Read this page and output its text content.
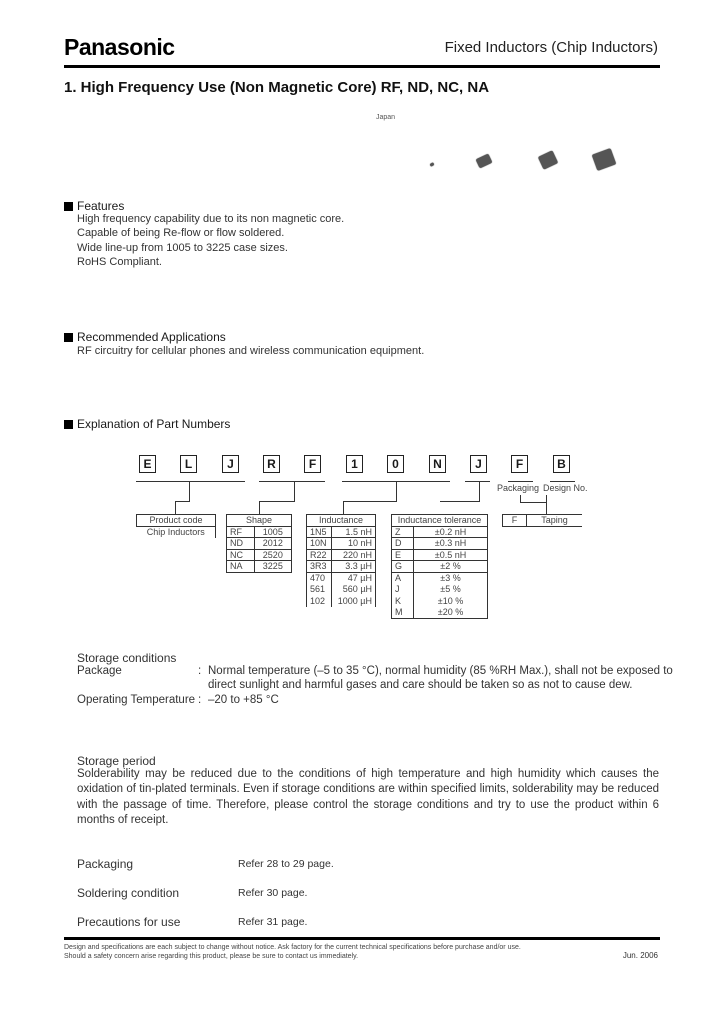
Panasonic	Fixed Inductors (Chip Inductors)
1. High Frequency Use (Non Magnetic Core) RF, ND, NC, NA
Japan
Features
High frequency capability due to its non magnetic core.
Capable of being Re-flow or flow soldered.
Wide line-up from 1005 to 3225 case sizes.
RoHS Compliant.
Recommended Applications
RF circuitry for cellular phones and wireless communication equipment.
Explanation of Part Numbers
E	L	J	R	F	1	0	N	J	F	B
Packaging Design No.
Product code
Chip Inductors
Shape	
RF	1005
ND	2012
NC	2520
NA	3225
Inductance	
1N5	1.5 nH
10N	10 nH
R22	220 nH
3R3	3.3 µH
470	47 µH
561	560 µH
102	1000 µH
Inductance tolerance	
Z	±0.2 nH
D	±0.3 nH
E	±0.5 nH
G	±2 %
A	±3 %
J	±5 %
K	±10 %
M	±20 %
F	Taping
Storage conditions
Package	: Normal temperature (–5 to 35 °C), normal humidity (85 %RH Max.), shall not be exposed to
direct sunlight and harmful gases and care should be taken so as not to cause dew.
Operating Temperature : –20 to +85 °C
Storage period
Solderability may be reduced due to the conditions of high temperature and high humidity which causes the oxidation of tin-plated terminals. Even if storage conditions are within specified limits, solderability may be reduced with the passage of time. Therefore, please control the storage conditions and try to use the product within 6 months of receipt.
Packaging	Refer 28 to 29 page.
Soldering condition	Refer 30 page.
Precautions for use	Refer 31 page.
Design and specifications are each subject to change without notice. Ask factory for the current technical specifications before purchase and/or use.
Should a safety concern arise regarding this product, please be sure to contact us immediately.	Jun. 2006
